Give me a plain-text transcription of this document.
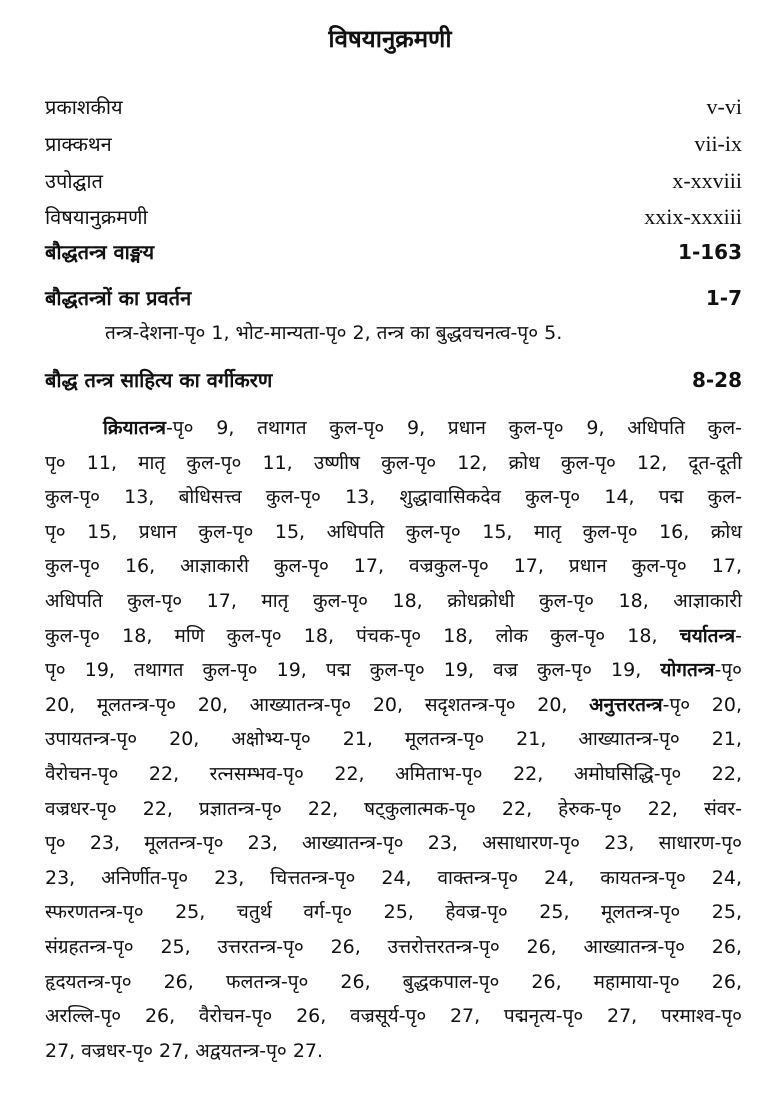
विषयानुक्रमणी
प्रकाशकीय	v-vi
प्राक्कथन	vii-ix
उपोद्घात	x-xxviii
विषयानुक्रमणी	xxix-xxxiii
बौद्धतन्त्र वाङ्मय	1-163
बौद्धतन्त्रों का प्रवर्तन	1-7
बौद्ध तन्त्र साहित्य का वर्गीकरण	8-28
तन्त्र-देशना-पृ० 1, भोट-मान्यता-पृ० 2, तन्त्र का बुद्धवचनत्व-पृ० 5.
क्रियातन्त्र-पृ० 9, तथागत कुल-पृ० 9, प्रधान कुल-पृ० 9, अधिपति कुल-
पृ० 11, मातृ कुल-पृ० 11, उष्णीष कुल-पृ० 12, क्रोध कुल-पृ० 12, दूत-दूती
कुल-पृ० 13, बोधिसत्त्व कुल-पृ० 13, शुद्धावासिकदेव कुल-पृ० 14, पद्म कुल-
पृ० 15, प्रधान कुल-पृ० 15, अधिपति कुल-पृ० 15, मातृ कुल-पृ० 16, क्रोध
कुल-पृ० 16, आज्ञाकारी कुल-पृ० 17, वज्रकुल-पृ० 17, प्रधान कुल-पृ० 17,
अधिपति कुल-पृ० 17, मातृ कुल-पृ० 18, क्रोधक्रोधी कुल-पृ० 18, आज्ञाकारी
कुल-पृ० 18, मणि कुल-पृ० 18, पंचक-पृ० 18, लोक कुल-पृ० 18, चर्यातन्त्र-
पृ० 19, तथागत कुल-पृ० 19, पद्म कुल-पृ० 19, वज्र कुल-पृ० 19, योगतन्त्र-पृ०
20, मूलतन्त्र-पृ० 20, आख्यातन्त्र-पृ० 20, सदृशतन्त्र-पृ० 20, अनुत्तरतन्त्र-पृ० 20,
उपायतन्त्र-पृ० 20, अक्षोभ्य-पृ० 21, मूलतन्त्र-पृ० 21, आख्यातन्त्र-पृ० 21,
वैरोचन-पृ० 22, रत्नसम्भव-पृ० 22, अमिताभ-पृ० 22, अमोघसिद्धि-पृ० 22,
वज्रधर-पृ० 22, प्रज्ञातन्त्र-पृ० 22, षट्कुलात्मक-पृ० 22, हेरुक-पृ० 22, संवर-
पृ० 23, मूलतन्त्र-पृ० 23, आख्यातन्त्र-पृ० 23, असाधारण-पृ० 23, साधारण-पृ०
23, अनिर्णीत-पृ० 23, चित्ततन्त्र-पृ० 24, वाक्तन्त्र-पृ० 24, कायतन्त्र-पृ० 24,
स्फरणतन्त्र-पृ० 25, चतुर्थ वर्ग-पृ० 25, हेवज्र-पृ० 25, मूलतन्त्र-पृ० 25,
संग्रहतन्त्र-पृ० 25, उत्तरतन्त्र-पृ० 26, उत्तरोत्तरतन्त्र-पृ० 26, आख्यातन्त्र-पृ० 26,
हृदयतन्त्र-पृ० 26, फलतन्त्र-पृ० 26, बुद्धकपाल-पृ० 26, महामाया-पृ० 26,
अरल्लि-पृ० 26, वैरोचन-पृ० 26, वज्रसूर्य-पृ० 27, पद्मनृत्य-पृ० 27, परमाश्व-पृ०
27, वज्रधर-पृ० 27, अद्वयतन्त्र-पृ० 27.
